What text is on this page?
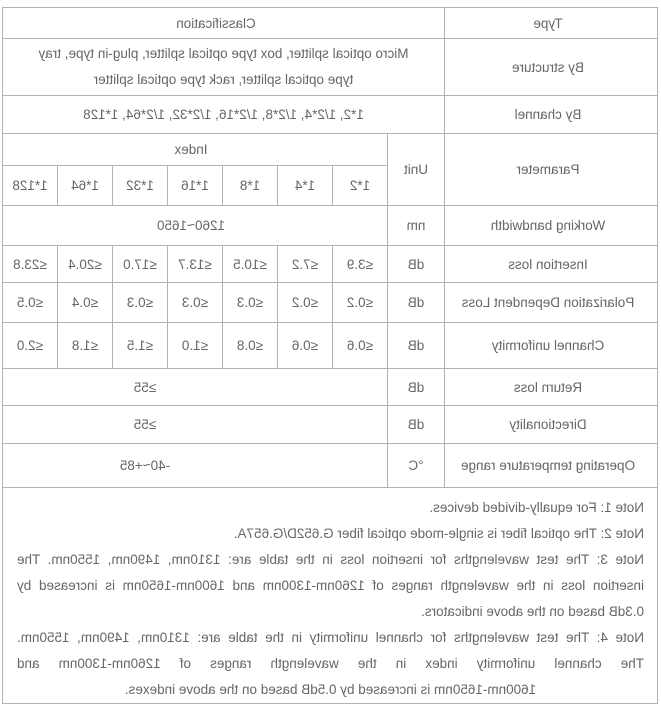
Type	Classification							
By structure	Micro optical splitter, box type optical splitter, plug-in type, tray
type optical splitter, rack type optical splitter							

By channel	1*2, 1/2*4, 1/2*8, 1/2*16, 1/2*32, 1/2*64, 1*128							
Parameter	Unit	Index						
		1*2	1*4	1*8	1*16	1*32	1*64	1*128
Working bandwidth	nm	1260~1650						
Insertion loss	dB	≤3.9	≤7.2	≤10.5	≤13.7	≤17.0	≤20.4	≤23.8
Polarization Dependent Loss	dB	≤0.2	≤0.2	≤0.3	≤0.3	≤0.3	≤0.4	≤0.5
Channel uniformity	dB	≤0.6	≤0.6	≤0.8	≤1.0	≤1.5	≤1.8	≤2.0
Return loss	dB	≥55						
Directionality	dB	≥55						
Operating temperature range	°C	-40~+85						

Note 1: For equally-divided devices.
Note 2: The optical fiber is single-mode optical fiber G.652D/G.657A.
Note 3: The test wavelengths for insertion loss in the table are: 1310nm, 1490nm, 1550nm. The
insertion loss in the wavelength ranges of 1260nm-1300nm and 1600nm-1650nm is increased by
0.3dB based on the above indicators.
Note 4: The test wavelengths for channel uniformity in the table are: 1310nm, 1490nm, 1550nm.
The channel uniformity index in the wavelength ranges of 1260nm-1300nm and
1600nm-1650nm is increased by 0.5dB based on the above indexes.
